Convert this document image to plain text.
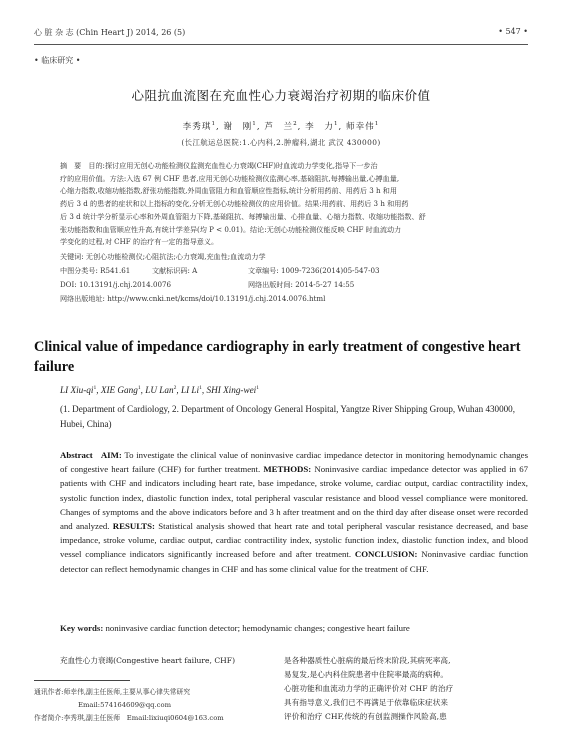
心 脏 杂 志 (Chin Heart J) 2014, 26 (5)	• 547 •
• 临床研究 •
心阻抗血流图在充血性心力衰竭治疗初期的临床价值
李秀琪$^1$, 谢　刚$^1$, 芦　兰$^2$, 李　力$^1$, 师幸伟$^1$
(长江航运总医院:1.心内科,2.肿瘤科,湖北 武汉 430000)

摘　要　目的:探讨应用无创心功能检测仪监测充血性心力衰竭(CHF)时血流动力学变化,指导下一步治

疗的应用价值。方法:入选 67 例 CHF 患者,应用无创心功能检测仪监测心率,基础阻抗,每搏输出量,心搏血量,

心缩力指数,收缩功能指数,舒张功能指数,外周血管阻力和血管顺应性指标,统计分析用药前、用药后 3 h 和用

药后 3 d 的患者的症状和以上指标的变化,分析无创心功能检测仪的应用价值。结果:用药前、用药后 3 h 和用药

后 3 d 统计学分析显示心率和外周血管阻力下降,基础阻抗、每搏输出量、心排血量、心缩力指数、收缩功能指数、舒

张功能指数和血管顺应性升高,有统计学差异(均 P < 0.01)。结论:无创心功能检测仪能反映 CHF 时血流动力

学变化的过程,对 CHF 的治疗有一定的指导意义。

关键词: 无创心功能检测仪;心阻抗法;心力衰竭,充血性;血流动力学
中图分类号: R541.61	文献标识码: A	文章编号: 1009-7236(2014)05-547-03
DOI: 10.13191/j.chj.2014.0076	网络出版时间: 2014-5-27 14:55
网络出版地址: http://www.cnki.net/kcms/doi/10.13191/j.chj.2014.0076.html
Clinical value of impedance cardiography in early treatment of congestive heart failure
LI Xiu-$qi^1$, XIE Gang$^1$, LU Lan$^2$, LI Li$^1$, SHI Xing-wei$^1$
(1. Department of Cardiology, 2. Department of Oncology General Hospital, Yangtze River Shipping Group, Wuhan 430000, Hubei, China)
Abstract AIM: To investigate the clinical value of noninvasive cardiac impedance detector in monitoring hemodynamic changes of congestive heart failure (CHF) for further treatment. METHODS: Noninvasive cardiac impedance detector was applied in 67 patients with CHF and indicators including heart rate, base impedance, stroke volume, cardiac output, cardiac contractility index, systolic function index, diastolic function index, total peripheral vascular resistance and blood vessel compliance were monitored. Changes of symptoms and the above indicators before and 3 h after treatment and on the third day after disease onset were recorded and analyzed. RESULTS: Statistical analysis showed that heart rate and total peripheral vascular resistance decreased, and base impedance, stroke volume, cardiac output, cardiac contractility index, systolic function index, diastolic function index, and blood vessel compliance indicators significantly increased before and after treatment. CONCLUSION: Noninvasive cardiac function detector can reflect hemodynamic changes in CHF and has some clinical value for the treatment of CHF.
Key words: noninvasive cardiac function detector; hemodynamic changes; congestive heart failure

充血性心力衰竭(Congestive heart failure, CHF)	是各种器质性心脏病的最后终末阶段,其病死率高,

易复发,是心内科住院患者中住院率最高的病种。

心脏功能和血流动力学的正确评价对 CHF 的治疗

具有指导意义,我们已不再满足于依靠临床症状来

评价和治疗 CHF,传统的有创监测操作风险高,患

通讯作者:师幸伟,副主任医师,主要从事心律失常研究

Email:574164609@qq.com

作者简介:李秀琪,副主任医师　Email:lixiuqi0604@163.com
